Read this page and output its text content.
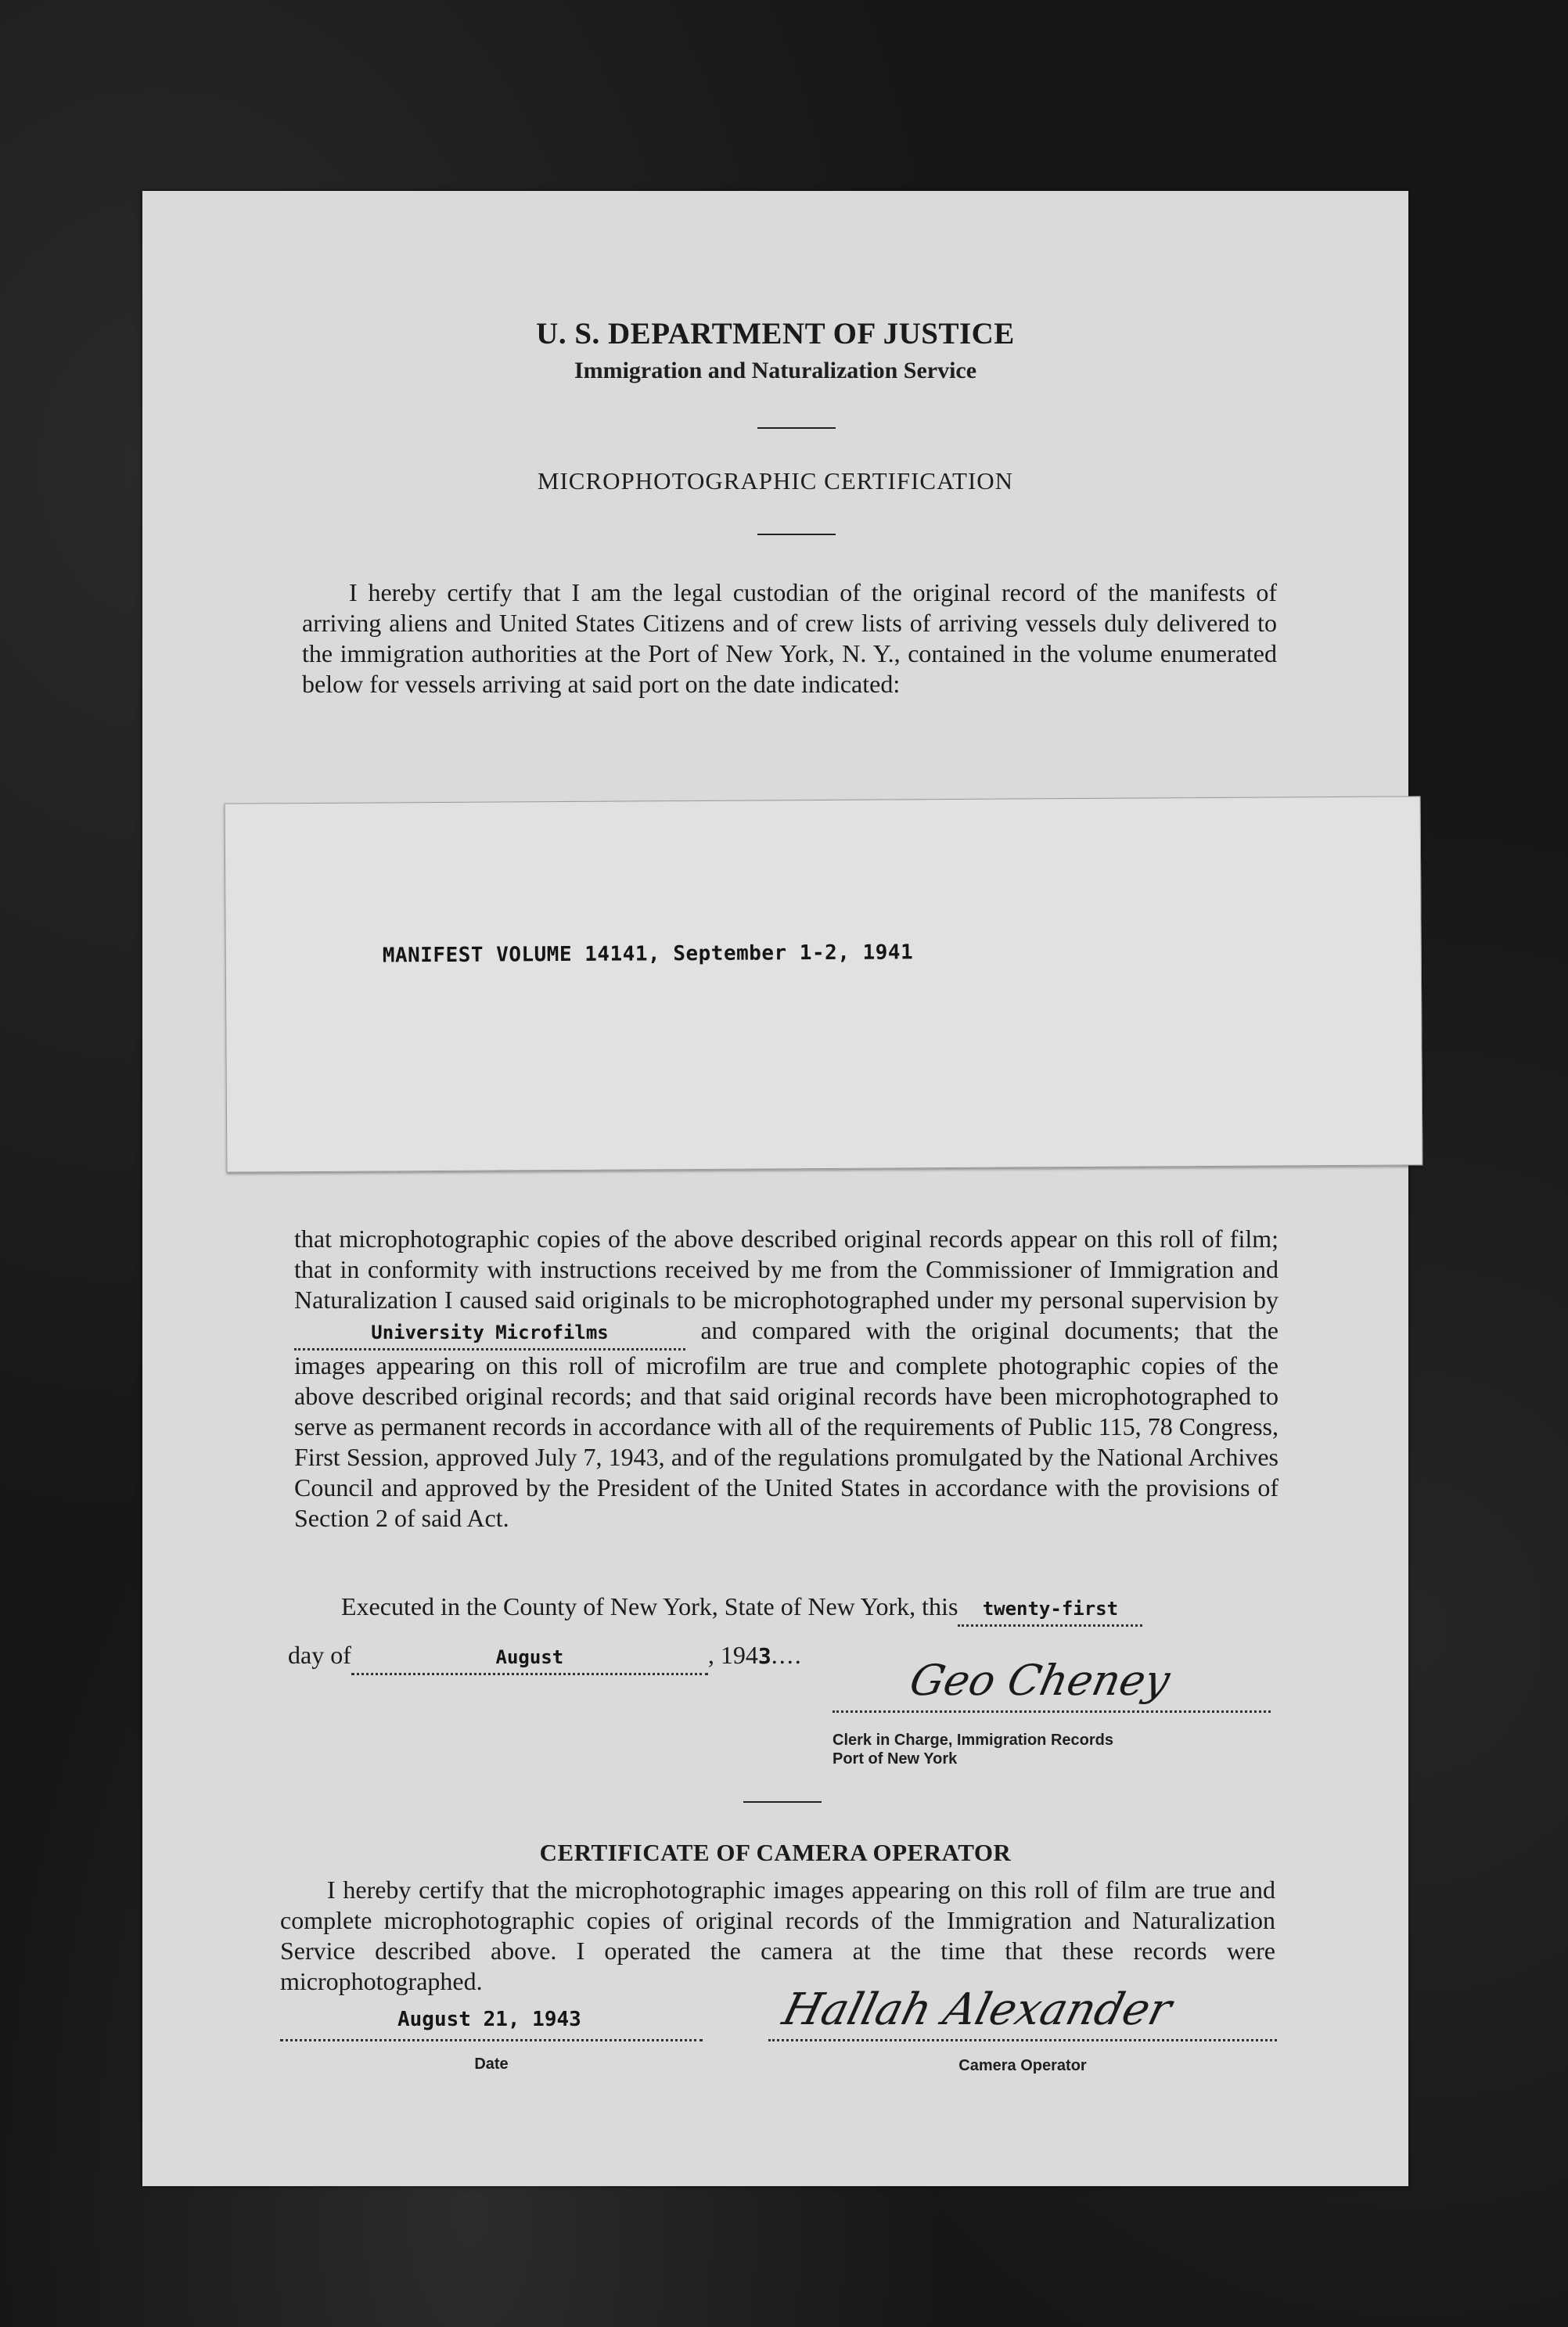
U. S. DEPARTMENT OF JUSTICE
Immigration and Naturalization Service
MICROPHOTOGRAPHIC CERTIFICATION
I hereby certify that I am the legal custodian of the original record of the manifests of arriving aliens and United States Citizens and of crew lists of arriving vessels duly delivered to the immigration authorities at the Port of New York, N. Y., contained in the volume enumerated below for vessels arriving at said port on the date indicated:
MANIFEST VOLUME 14141, September 1-2, 1941

that microphotographic copies of the above described original records appear on this roll of film; that in conformity with instructions received by me from the Commissioner of Immigration and Naturalization I caused said originals to be microphotographed under my personal supervision by University Microfilms	and compared with the original documents; that the images appearing on this roll of microfilm are true and complete photographic copies of the above described original records; and that said original records have been microphotographed to serve as permanent records in accordance with all of the requirements of Public 115, 78 Congress, First Session, approved July 7, 1943, and of the regulations promulgated by the National Archives Council and approved by the President of the United States in accordance with the provisions of Section 2 of said Act.

Executed in the County of New York, State of New York, this twenty-first
day of	August	, 1943....
Geo Cheney
Clerk in Charge, Immigration Records
Port of New York
CERTIFICATE OF CAMERA OPERATOR
I hereby certify that the microphotographic images appearing on this roll of film are true and complete microphotographic copies of original records of the Immigration and Naturalization Service described above. I operated the camera at the time that these records were microphotographed.
August 21, 1943
Date
Hallah Alexander
Camera Operator
